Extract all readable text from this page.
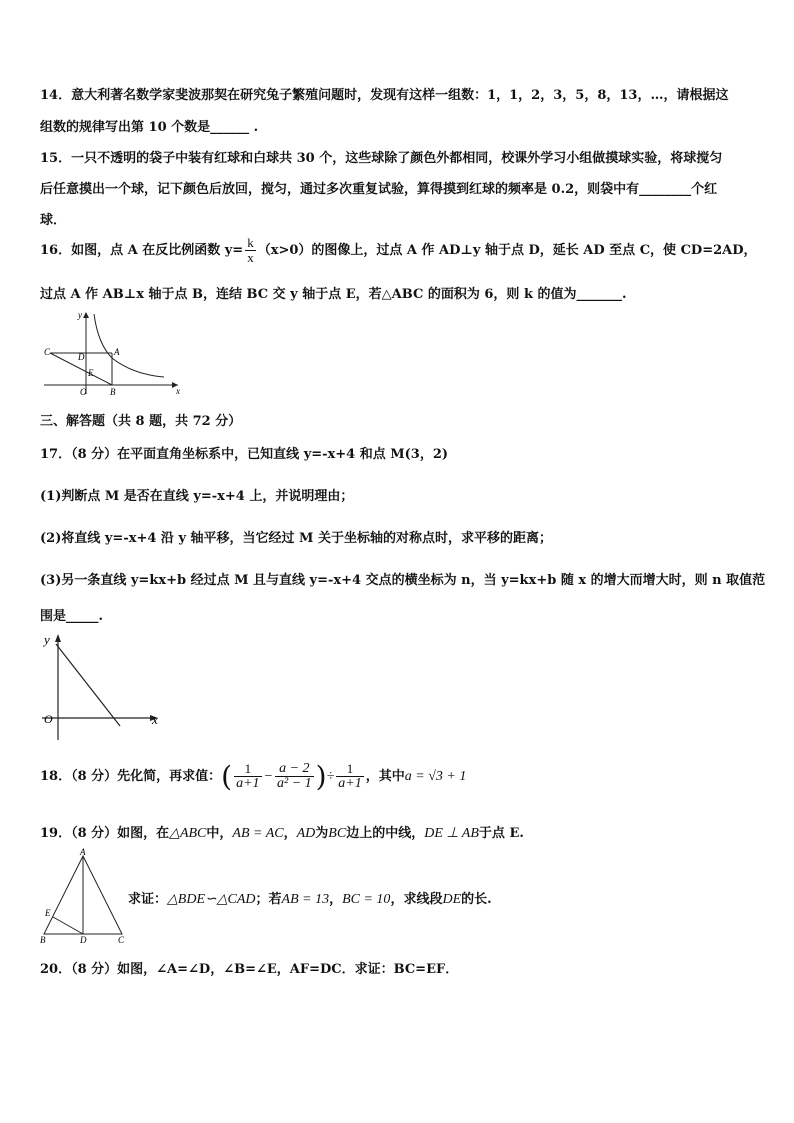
14．意大利著名数学家斐波那契在研究兔子繁殖问题时，发现有这样一组数：1，1，2，3，5，8，13，…，请根据这
组数的规律写出第 10 个数是______ .
15．一只不透明的袋子中装有红球和白球共 30 个，这些球除了颜色外都相同，校课外学习小组做摸球实验，将球搅匀
后任意摸出一个球，记下颜色后放回，搅匀，通过多次重复试验，算得摸到红球的频率是 0.2，则袋中有________个红
球．
16．如图，点 A 在反比例函数 $y= \frac{k}{x} (x>0)$的图像上，过点 A 作 AD⊥y 轴于点 D，延长 AD 至点 C，使 CD=2AD，
过点 A 作 AB⊥x 轴于点 B，连结 BC 交 y 轴于点 E，若△ABC 的面积为 6，则 k 的值为_______.
y
x
C	D	A
E
O	B
三、解答题（共 8 题，共 72 分）
17．（8 分）在平面直角坐标系中，已知直线 y=-x+4 和点 M(3，2)
(1)判断点 M 是否在直线 y=-x+4 上，并说明理由；
(2)将直线 y=-x+4 沿 y 轴平移，当它经过 M 关于坐标轴的对称点时，求平移的距离；
(3)另一条直线 y=kx+b 经过点 M 且与直线 y=-x+4 交点的横坐标为 n，当 y=kx+b 随 x 的增大而增大时，则 n 取值范
围是_____.
y
x
O
18．（8 分）先化简，再求值：( $\frac{1}{a+1} - \frac{a - 2}{\text{a² − 1}}$ )÷ $\frac{1}{a+1}$ ，其中a = √3 + 1
19．（8 分）如图，在△ABC中，AB = AC，AD为BC边上的中线，DE ⊥ AB于点 E.
A
E
B	D	C
求证：△BDE∽△CAD；若AB = 13，BC = 10，求线段DE的长.
20．（8 分）如图，∠A=∠D，∠B=∠E，AF=DC．求证：BC=EF．
